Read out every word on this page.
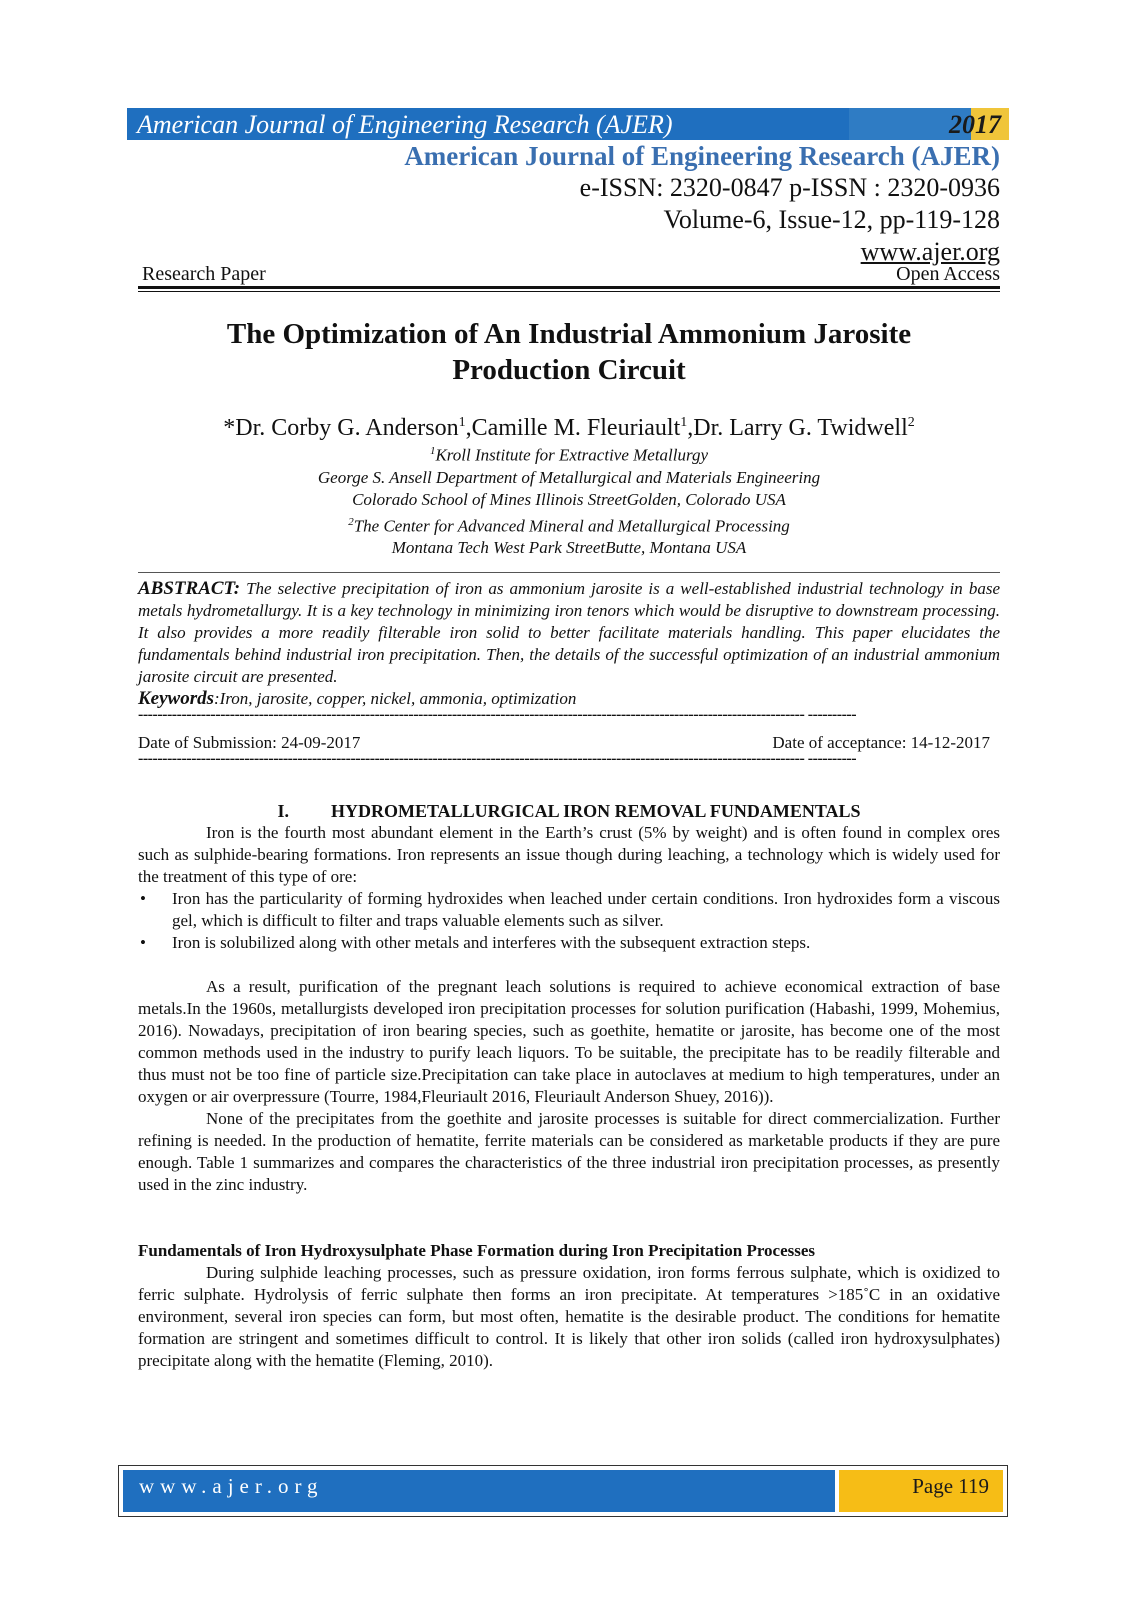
American Journal of Engineering Research (AJER)	2017
American Journal of Engineering Research (AJER)
e-ISSN: 2320-0847 p-ISSN : 2320-0936
Volume-6, Issue-12, pp-119-128
www.ajer.org
Research Paper	Open Access
The Optimization of An Industrial Ammonium Jarosite
Production Circuit
*Dr. Corby G. Anderson$^1$,Camille M. Fleuriault$^1$,Dr. Larry G. Twidwell$^2$
$^1$Kroll Institute for Extractive Metallurgy
George S. Ansell Department of Metallurgical and Materials Engineering
Colorado School of Mines Illinois StreetGolden, Colorado USA
$^2$The Center for Advanced Mineral and Metallurgical Processing
Montana Tech West Park StreetButte, Montana USA
ABSTRACT: The selective precipitation of iron as ammonium jarosite is a well-established industrial technology in base metals hydrometallurgy. It is a key technology in minimizing iron tenors which would be disruptive to downstream processing. It also provides a more readily filterable iron solid to better facilitate materials handling. This paper elucidates the fundamentals behind industrial iron precipitation. Then, the details of the successful optimization of an industrial ammonium jarosite circuit are presented.
Keywords:Iron, jarosite, copper, nickel, ammonia, optimization
------------------------------------------------------------------------------------------------------------------------------------------ ----------
Date of Submission: 24-09-2017	Date of acceptance: 14-12-2017
------------------------------------------------------------------------------------------------------------------------------------------ ----------
I. HYDROMETALLURGICAL IRON REMOVAL FUNDAMENTALS

Iron is the fourth most abundant element in the Earth’s crust (5% by weight) and is often found in complex ores such as sulphide-bearing formations. Iron represents an issue though during leaching, a technology which is widely used for the treatment of this type of ore:

• Iron has the particularity of forming hydroxides when leached under certain conditions. Iron hydroxides form a viscous gel, which is difficult to filter and traps valuable elements such as silver.
• Iron is solubilized along with other metals and interferes with the subsequent extraction steps.

As a result, purification of the pregnant leach solutions is required to achieve economical extraction of base metals.In the 1960s, metallurgists developed iron precipitation processes for solution purification (Habashi, 1999, Mohemius, 2016). Nowadays, precipitation of iron bearing species, such as goethite, hematite or jarosite, has become one of the most common methods used in the industry to purify leach liquors. To be suitable, the precipitate has to be readily filterable and thus must not be too fine of particle size.Precipitation can take place in autoclaves at medium to high temperatures, under an oxygen or air overpressure (Tourre, 1984,Fleuriault 2016, Fleuriault Anderson Shuey, 2016)).

None of the precipitates from the goethite and jarosite processes is suitable for direct commercialization. Further refining is needed. In the production of hematite, ferrite materials can be considered as marketable products if they are pure enough. Table 1 summarizes and compares the characteristics of the three industrial iron precipitation processes, as presently used in the zinc industry.

Fundamentals of Iron Hydroxysulphate Phase Formation during Iron Precipitation Processes

During sulphide leaching processes, such as pressure oxidation, iron forms ferrous sulphate, which is oxidized to ferric sulphate. Hydrolysis of ferric sulphate then forms an iron precipitate. At temperatures >185˚C in an oxidative environment, several iron species can form, but most often, hematite is the desirable product. The conditions for hematite formation are stringent and sometimes difficult to control. It is likely that other iron solids (called iron hydroxysulphates) precipitate along with the hematite (Fleming, 2010).

www.ajer.org	Page 119
